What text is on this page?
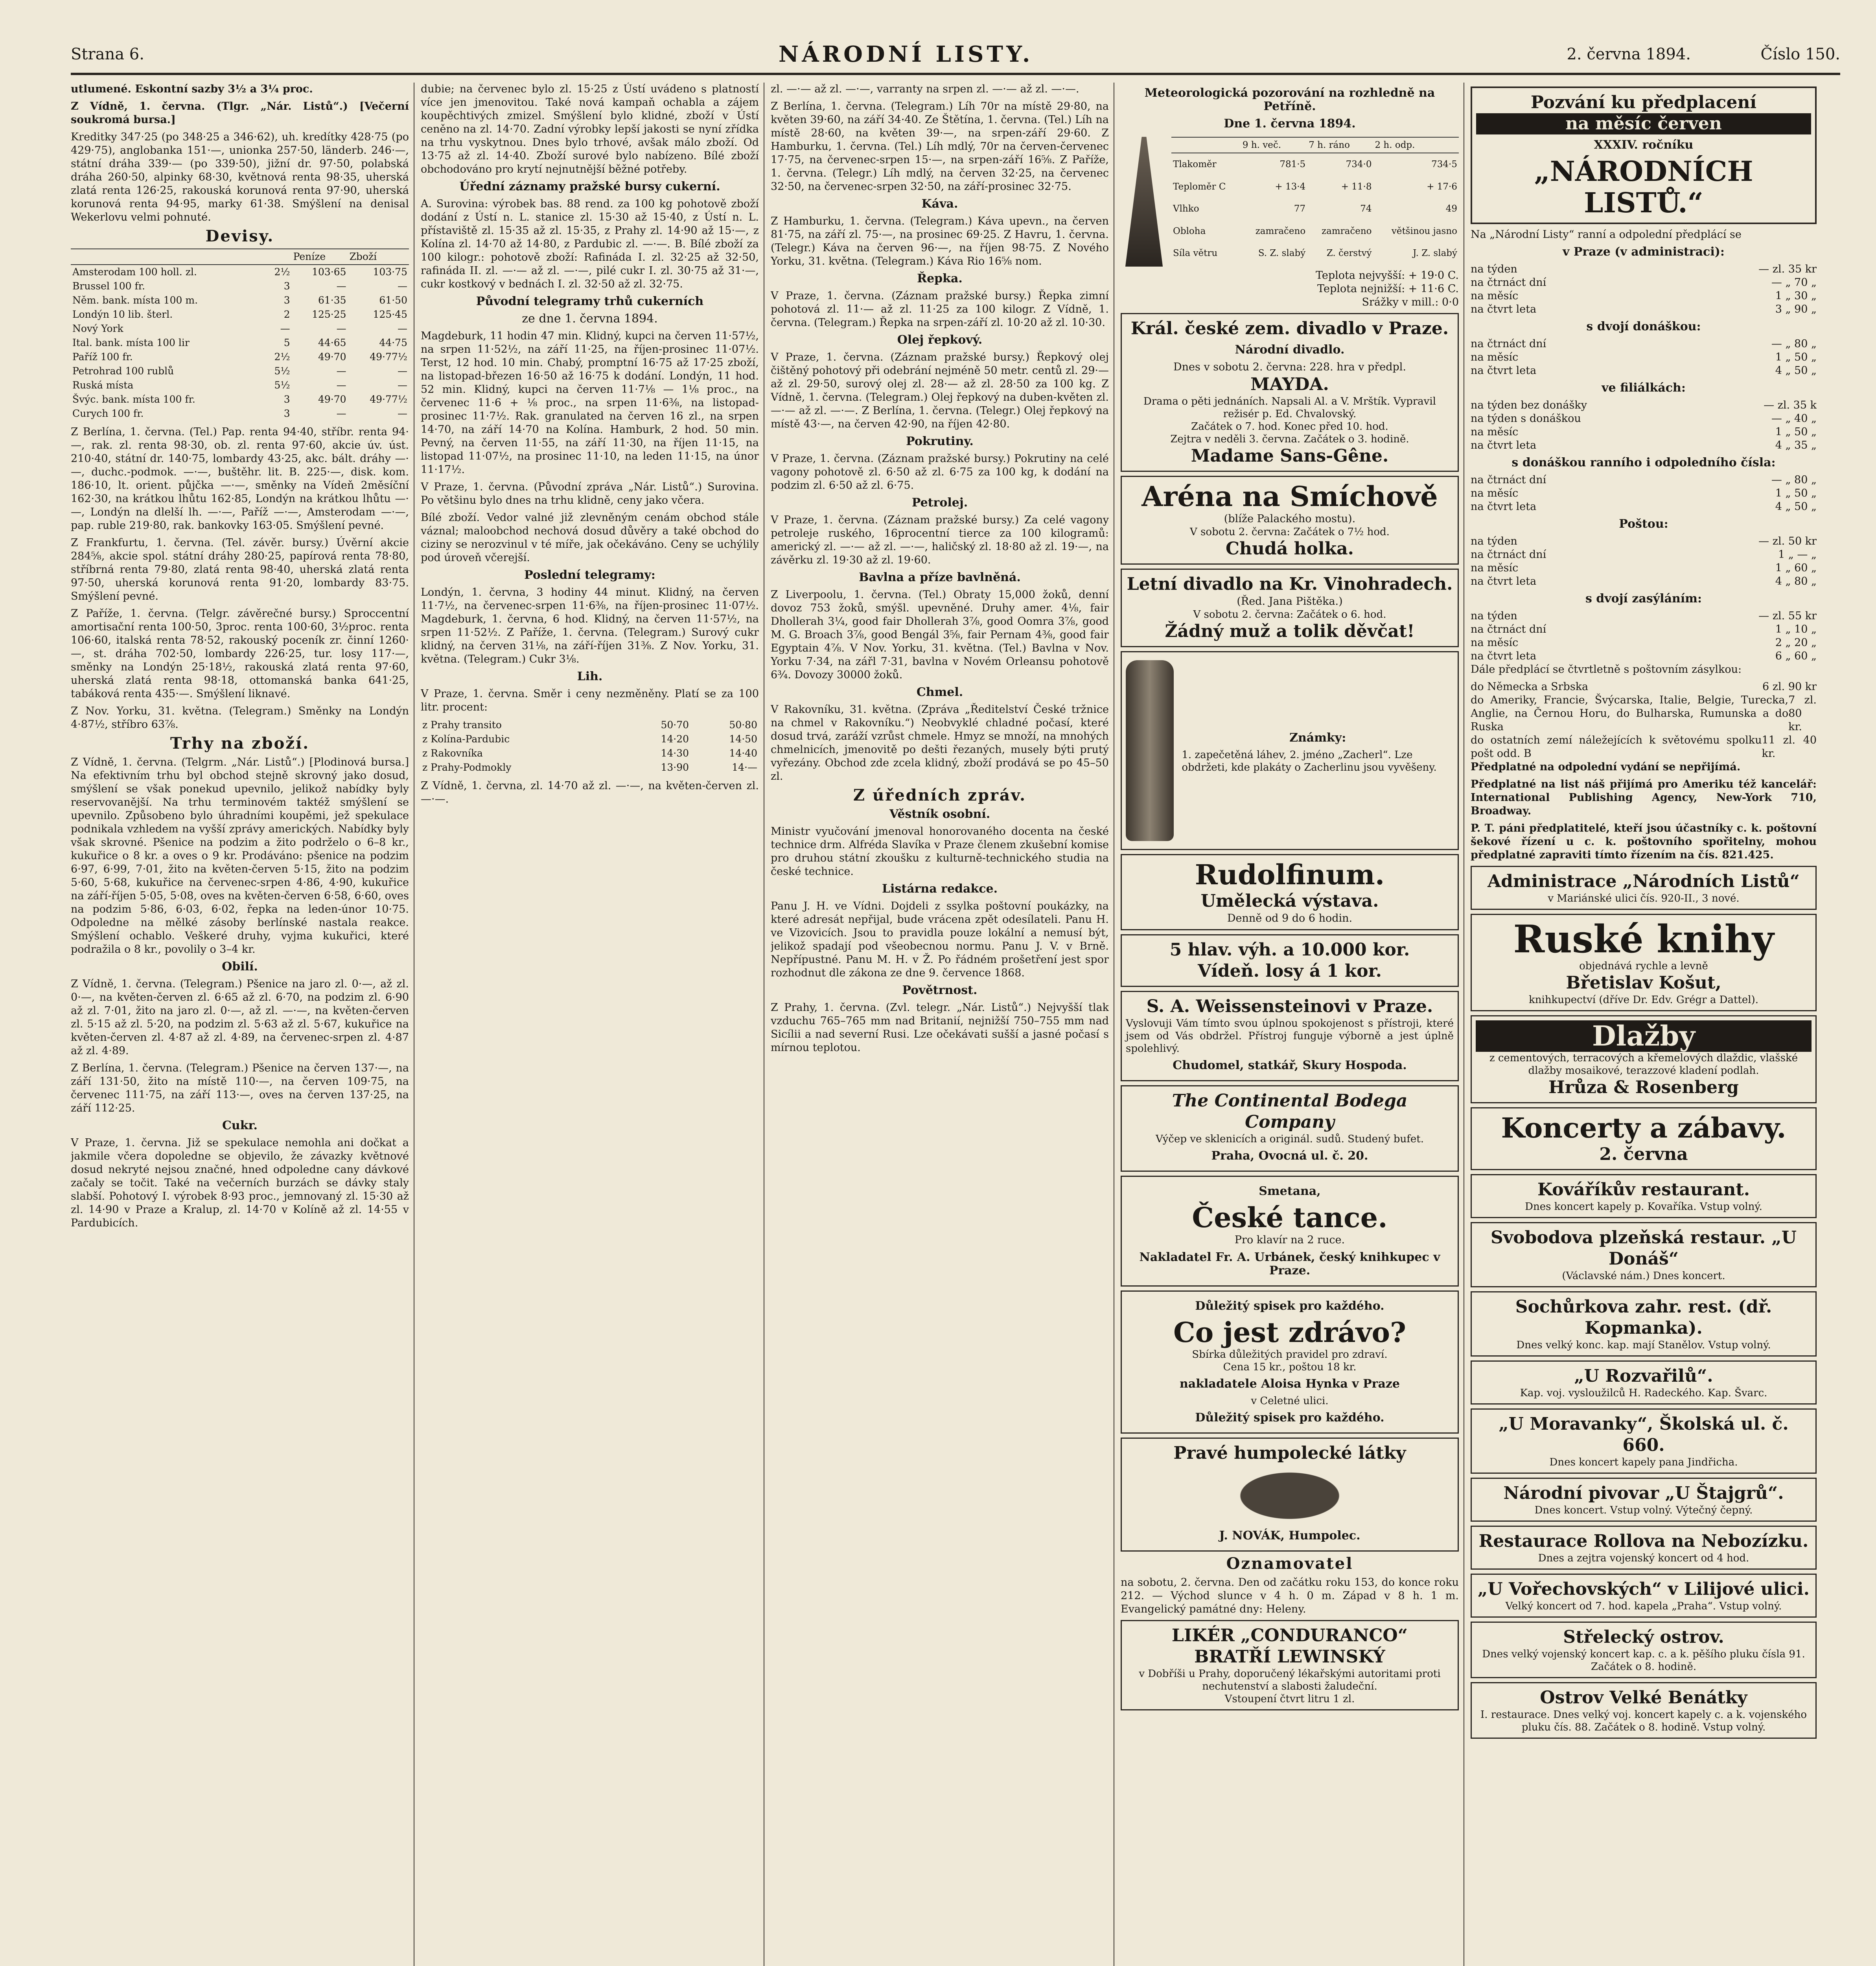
Strana 6.	NÁRODNÍ LISTY.	2. června 1894.	Číslo 150.

utlumené. Eskontní sazby 3½ a 3¼ proc.

Z Vídně, 1. června. (Tlgr. „Nár. Listů“.) [Večerní soukromá bursa.]

Kreditky 347·25 (po 348·25 a 346·62), uh. kredítky 428·75 (po 429·75), anglobanka 151·—, unionka 257·50, länderb. 246·—, státní dráha 339·— (po 339·50), jižní dr. 97·50, polabská dráha 260·50, alpinky 68·30, květnová renta 98·35, uherská zlatá renta 126·25, rakouská korunová renta 97·90, uherská korunová renta 94·95, marky 61·38. Smýšlení na denisal Wekerlovu velmi pohnuté.

Devisy.
		Peníze	Zboží
Amsterodam 100 holl. zl.	2½	103·65	103·75
Brussel 100 fr.	3	—	—
Něm. bank. místa 100 m.	3	61·35	61·50
Londýn 10 lib. šterl.	2	125·25	125·45
Nový York	—	—	—
Ital. bank. místa 100 lir	5	44·65	44·75
Paříž 100 fr.	2½	49·70	49·77½
Petrohrad 100 rublů	5½	—	—
Ruská místa	5½	—	—
Švýc. bank. místa 100 fr.	3	49·70	49·77½
Curych 100 fr.	3	—	—

Z Berlína, 1. června. (Tel.) Pap. renta 94·40, stříbr. renta 94·—, rak. zl. renta 98·30, ob. zl. renta 97·60, akcie úv. úst. 210·40, státní dr. 140·75, lombardy 43·25, akc. bált. dráhy —·—, duchc.-podmok. —·—, buštěhr. lit. B. 225·—, disk. kom. 186·10, lt. orient. půjčka —·—, směnky na Vídeň 2měsíční 162·30, na krátkou lhůtu 162·85, Londýn na krátkou lhůtu —·—, Londýn na dlelší lh. —·—, Paříž —·—, Amsterodam —·—, pap. ruble 219·80, rak. bankovky 163·05. Smýšlení pevné.

Z Frankfurtu, 1. června. (Tel. závěr. bursy.) Úvěrní akcie 284⅝, akcie spol. státní dráhy 280·25, papírová renta 78·80, stříbrná renta 79·80, zlatá renta 98·40, uherská zlatá renta 97·50, uherská korunová renta 91·20, lombardy 83·75. Smýšlení pevné.

Z Paříže, 1. června. (Telgr. závěrečné bursy.) Sproccentní amortisační renta 100·50, 3proc. renta 100·60, 3½proc. renta 106·60, italská renta 78·52, rakouský poceník zr. činní 1260·—, st. dráha 702·50, lombardy 226·25, tur. losy 117·—, směnky na Londýn 25·18½, rakouská zlatá renta 97·60, uherská zlatá renta 98·18, ottomanská banka 641·25, tabáková renta 435·—. Smýšlení liknavé.

Z Nov. Yorku, 31. května. (Telegram.) Směnky na Londýn 4·87½, stříbro 63⅞.

Trhy na zboží.

Z Vídně, 1. června. (Telgrm. „Nár. Listů“.) [Plodinová bursa.] Na efektivním trhu byl obchod stejně skrovný jako dosud, smýšlení se však ponekud upevnilo, jelikož nabídky byly reservovanější. Na trhu terminovém taktéž smýšlení se upevnilo. Způsobeno bylo úhradními koupěmi, jež spekulace podnikala vzhledem na vyšší zprávy amerických. Nabídky byly však skrovné. Pšenice na podzim a žito podrželo o 6–8 kr., kukuřice o 8 kr. a oves o 9 kr. Prodáváno: pšenice na podzim 6·97, 6·99, 7·01, žito na květen-červen 5·15, žito na podzim 5·60, 5·68, kukuřice na červenec-srpen 4·86, 4·90, kukuřice na září-říjen 5·05, 5·08, oves na květen-červen 6·58, 6·60, oves na podzim 5·86, 6·03, 6·02, řepka na leden-únor 10·75. Odpoledne na mělké zásoby berlínské nastala reakce. Smýšlení ochablo. Veškeré druhy, vyjma kukuřici, které podražila o 8 kr., povolily o 3–4 kr.

Obilí.

Z Vídně, 1. června. (Telegram.) Pšenice na jaro zl. 0·—, až zl. 0·—, na květen-červen zl. 6·65 až zl. 6·70, na podzim zl. 6·90 až zl. 7·01, žito na jaro zl. 0·—, až zl. —·—, na květen-červen zl. 5·15 až zl. 5·20, na podzim zl. 5·63 až zl. 5·67, kukuřice na květen-červen zl. 4·87 až zl. 4·89, na červenec-srpen zl. 4·87 až zl. 4·89.

Z Berlína, 1. června. (Telegram.) Pšenice na červen 137·—, na září 131·50, žito na místě 110·—, na červen 109·75, na červenec 111·75, na září 113·—, oves na červen 137·25, na září 112·25.

Cukr.

V Praze, 1. června. Již se spekulace nemohla ani dočkat a jakmile včera dopoledne se objevilo, že závazky květnové dosud nekryté nejsou značné, hned odpoledne cany dávkové začaly se točit. Také na večerních burzách se dávky staly slabší. Pohotový I. výrobek 8·93 proc., jemnovaný zl. 15·30 až zl. 14·90 v Praze a Kralup, zl. 14·70 v Kolíně až zl. 14·55 v Pardubicích.

dubie; na červenec bylo zl. 15·25 z Ústí uvádeno s platností více jen jmenovitou. Také nová kampaň ochabla a zájem koupěchtivých zmizel. Smýšlení bylo klidné, zboží v Ústí ceněno na zl. 14·70. Zadní výrobky lepší jakosti se nyní zřídka na trhu vyskytnou. Dnes bylo trhové, avšak málo zboží. Od 13·75 až zl. 14·40. Zboží surové bylo nabízeno. Bílé zboží obchodováno pro krytí nejnutnější běžné potřeby.

Úřední záznamy pražské bursy cukerní.

A. Surovina: výrobek bas. 88 rend. za 100 kg pohotově zboží dodání z Ústí n. L. stanice zl. 15·30 až 15·40, z Ústí n. L. přístaviště zl. 15·35 až zl. 15·35, z Prahy zl. 14·90 až 15·—, z Kolína zl. 14·70 až 14·80, z Pardubic zl. —·—. B. Bílé zboží za 100 kilogr.: pohotově zboží: Rafináda I. zl. 32·25 až 32·50, rafináda II. zl. —·— až zl. —·—, pilé cukr I. zl. 30·75 až 31·—, cukr kostkový v bednách I. zl. 32·50 až zl. 32·75.

Původní telegramy trhů cukerních
ze dne 1. června 1894.

Magdeburk, 11 hodin 47 min. Klidný, kupci na červen 11·57½, na srpen 11·52½, na září 11·25, na říjen-prosinec 11·07½. Terst, 12 hod. 10 min. Chabý, promptní 16·75 až 17·25 zboží, na listopad-březen 16·50 až 16·75 k dodání. Londýn, 11 hod. 52 min. Klidný, kupci na červen 11·7⅛ — 1⅛ proc., na červenec 11·6 + ⅛ proc., na srpen 11·6⅜, na listopad-prosinec 11·7½. Rak. granulated na červen 16 zl., na srpen 14·70, na září 14·70 na Kolína. Hamburk, 2 hod. 50 min. Pevný, na červen 11·55, na září 11·30, na říjen 11·15, na listopad 11·07½, na prosinec 11·10, na leden 11·15, na únor 11·17½.

V Praze, 1. června. (Původní zpráva „Nár. Listů“.) Surovina. Po většinu bylo dnes na trhu klidně, ceny jako včera.

Bílé zboží. Vedor valné již zlevněným cenám obchod stále váznal; maloobchod nechová dosud důvěry a také obchod do ciziny se nerozvinul v té míře, jak očekáváno. Ceny se uchýlily pod úroveň včerejší.

Poslední telegramy:

Londýn, 1. června, 3 hodiny 44 minut. Klidný, na červen 11·7½, na červenec-srpen 11·6⅜, na říjen-prosinec 11·07½. Magdeburk, 1. června, 6 hod. Klidný, na červen 11·57½, na srpen 11·52½. Z Paříže, 1. června. (Telegram.) Surový cukr klidný, na červen 31⅛, na září-říjen 31⅜. Z Nov. Yorku, 31. května. (Telegram.) Cukr 3⅛.

Lih.

V Praze, 1. června. Směr i ceny nezměněny. Platí se za 100 litr. procent:

z Prahy transito	50·70	50·80
z Kolína-Pardubic	14·20	14·50
z Rakovníka	14·30	14·40
z Prahy-Podmokly	13·90	14·—

Z Vídně, 1. června, zl. 14·70 až zl. —·—, na květen-červen zl. —·—.

zl. —·— až zl. —·—, varranty na srpen zl. —·— až zl. —·—.

Z Berlína, 1. června. (Telegram.) Líh 70r na místě 29·80, na květen 39·60, na září 34·40. Ze Štětína, 1. června. (Tel.) Líh na místě 28·60, na květen 39·—, na srpen-září 29·60. Z Hamburku, 1. června. (Tel.) Líh mdlý, 70r na červen-červenec 17·75, na červenec-srpen 15·—, na srpen-září 16⅝. Z Paříže, 1. června. (Telegr.) Líh mdlý, na červen 32·25, na červenec 32·50, na červenec-srpen 32·50, na září-prosinec 32·75.

Káva.

Z Hamburku, 1. června. (Telegram.) Káva upevn., na červen 81·75, na září zl. 75·—, na prosinec 69·25. Z Havru, 1. června. (Telegr.) Káva na červen 96·—, na říjen 98·75. Z Nového Yorku, 31. května. (Telegram.) Káva Rio 16⅝ nom.

Řepka.

V Praze, 1. června. (Záznam pražské bursy.) Řepka zimní pohotová zl. 11·— až zl. 11·25 za 100 kilogr. Z Vídně, 1. června. (Telegram.) Řepka na srpen-září zl. 10·20 až zl. 10·30.

Olej řepkový.

V Praze, 1. června. (Záznam pražské bursy.) Řepkový olej čištěný pohotový při odebrání nejméně 50 metr. centů zl. 29·— až zl. 29·50, surový olej zl. 28·— až zl. 28·50 za 100 kg. Z Vídně, 1. června. (Telegram.) Olej řepkový na duben-květen zl. —·— až zl. —·—. Z Berlína, 1. června. (Telegr.) Olej řepkový na místě 43·—, na červen 42·90, na říjen 42·80.

Pokrutiny.

V Praze, 1. června. (Záznam pražské bursy.) Pokrutiny na celé vagony pohotově zl. 6·50 až zl. 6·75 za 100 kg, k dodání na podzim zl. 6·50 až zl. 6·75.

Petrolej.

V Praze, 1. června. (Záznam pražské bursy.) Za celé vagony petroleje ruského, 16procentní tierce za 100 kilogramů: americký zl. —·— až zl. —·—, haličský zl. 18·80 až zl. 19·—, na závěrku zl. 19·30 až zl. 19·60.

Bavlna a příze bavlněná.

Z Liverpoolu, 1. června. (Tel.) Obraty 15,000 žoků, denní dovoz 753 žoků, smýšl. upevněné. Druhy amer. 4⅛, fair Dhollerah 3¼, good fair Dhollerah 3⅞, good Oomra 3⅞, good M. G. Broach 3⅞, good Bengál 3⅝, fair Pernam 4⅜, good fair Egyptain 4⅞. V Nov. Yorku, 31. května. (Tel.) Bavlna v Nov. Yorku 7·34, na zářl 7·31, bavlna v Novém Orleansu pohotově 6¾. Dovozy 30000 žoků.

Chmel.

V Rakovníku, 31. května. (Zpráva „Ředitelství České tržnice na chmel v Rakovníku.“) Neobvyklé chladné počasí, které dosud trvá, zaráží vzrůst chmele. Hmyz se množí, na mnohých chmelnicích, jmenovitě po dešti řezaných, musely býti prutý vyřezány. Obchod zde zcela klidný, zboží prodává se po 45–50 zl.

Z úředních zpráv.
Věstník osobní.

Ministr vyučování jmenoval honorovaného docenta na české technice drm. Alfréda Slavíka v Praze členem zkušební komise pro druhou státní zkoušku z kulturně-technického studia na české technice.

Listárna redakce.

Panu J. H. ve Vídni. Dojdeli z ssylka poštovní poukázky, na které adresát nepřijal, bude vrácena zpět odesílateli. Panu H. ve Vizovicích. Jsou to pravidla pouze lokální a nemusí být, jelikož spadají pod všeobecnou normu. Panu J. V. v Brně. Nepřípustné. Panu M. H. v Ž. Po řádném prošetření jest spor rozhodnut dle zákona ze dne 9. července 1868.

Povětrnost.

Z Prahy, 1. června. (Zvl. telegr. „Nár. Listů“.) Nejvyšší tlak vzduchu 765–765 mm nad Britanií, nejnižší 750–755 mm nad Sicílii a nad severní Rusi. Lze očekávati sušší a jasné počasí s mírnou teplotou.

Meteorologická pozorování na rozhledně na Petříně.
Dne 1. června 1894.
	9 h. več.	7 h. ráno	2 h. odp.
Tlakoměr	781·5	734·0	734·5
Teploměr C	+ 13·4	+ 11·8	+ 17·6
Vlhko	77	74	49
Obloha	zamračeno	zamračeno	většinou jasno
Síla větru	S. Z. slabý	Z. čerstvý	J. Z. slabý
Teplota nejvyšší: + 19·0 C.
Teplota nejnižší: + 11·6 C.
Srážky v mill.: 0·0
Král. české zem. divadlo v Praze.
Národní divadlo.
Dnes v sobotu 2. června: 228. hra v předpl.
MAYDA.
Drama o pěti jednáních. Napsali Al. a V. Mrštík. Vypravil režisér p. Ed. Chvalovský.
Začátek o 7. hod. Konec před 10. hod.
Zejtra v neděli 3. června. Začátek o 3. hodině.
Madame Sans-Gêne.
Aréna na Smíchově
(blíže Palackého mostu).
V sobotu 2. června: Začátek o 7½ hod.
Chudá holka.
Letní divadlo na Kr. Vinohradech.
(Řed. Jana Pištěka.)
V sobotu 2. června: Začátek o 6. hod.
Žádný muž a tolik děvčat!
Známky:
1. zapečetěná láhev, 2. jméno „Zacherl“. Lze obdržeti, kde plakáty o Zacherlinu jsou vyvěšeny.
Rudolfinum.
Umělecká výstava.
Denně od 9 do 6 hodin.
5 hlav. výh. a 10.000 kor.
Vídeň. losy á 1 kor.
S. A. Weissensteinovi v Praze.
Vyslovuji Vám tímto svou úplnou spokojenost s přístroji, které jsem od Vás obdržel. Přístroj funguje výborně a jest úplně spolehlivý.
Chudomel, statkář, Skury Hospoda.
The Continental Bodega Company
Výčep ve sklenicích a originál. sudů. Studený bufet.
Praha, Ovocná ul. č. 20.
Smetana,
České tance.
Pro klavír na 2 ruce.
Nakladatel Fr. A. Urbánek, český knihkupec v Praze.
Důležitý spisek pro každého.
Co jest zdrávo?
Sbírka důležitých pravidel pro zdraví.
Cena 15 kr., poštou 18 kr.
nakladatele Aloisa Hynka v Praze
v Celetné ulici.
Důležitý spisek pro každého.
Pravé humpolecké látky
J. NOVÁK, Humpolec.
Oznamovatel

na sobotu, 2. června. Den od začátku roku 153, do konce roku 212. — Východ slunce v 4 h. 0 m. Západ v 8 h. 1 m. Evangelický památné dny: Heleny.

LIKÉR „CONDURANCO“
BRATŘÍ LEWINSKÝ
v Dobříši u Prahy, doporučený lékařskými autoritami proti nechutenství a slabosti žaludeční.
Vstoupení čtvrt litru 1 zl.
Pozvání ku předplacení
na měsíc červen
XXXIV. ročníku
„NÁRODNÍCH LISTŮ.“

Na „Národní Listy“ ranní a odpolední předplácí se

v Praze (v administraci):
na týden	— zl. 35 kr
na čtrnáct dní	— „ 70 „
na měsíc	1 „ 30 „
na čtvrt leta	3 „ 90 „
s dvojí donáškou:
na čtrnáct dní	— „ 80 „
na měsíc	1 „ 50 „
na čtvrt leta	4 „ 50 „
ve filiálkách:
na týden bez donášky	— zl. 35 k
na týden s donáškou	— „ 40 „
na měsíc	1 „ 50 „
na čtvrt leta	4 „ 35 „
s donáškou ranního i odpoledního čísla:
na čtrnáct dní	— „ 80 „
na měsíc	1 „ 50 „
na čtvrt leta	4 „ 50 „
Poštou:
na týden	— zl. 50 kr
na čtrnáct dní	1 „ — „
na měsíc	1 „ 60 „
na čtvrt leta	4 „ 80 „
s dvojí zasýláním:
na týden	— zl. 55 kr
na čtrnáct dní	1 „ 10 „
na měsíc	2 „ 20 „
na čtvrt leta	6 „ 60 „

Dále předplácí se čtvrtletně s poštovním zásylkou:

do Německa a Srbska	6 zl. 90 kr
do Ameriky, Francie, Švýcarska, Italie, Belgie, Turecka, Anglie, na Černou Horu, do Bulharska, Rumunska a do Ruska
7 zl. 80 kr.
do ostatních zemí náležejících k světovému spolku pošt odd. B
11 zl. 40 kr.

Předplatné na odpolední vydání se nepřijímá.

Předplatné na list náš přijímá pro Ameriku též kancelář: International Publishing Agency, New-York 710, Broadway.

P. T. páni předplatitelé, kteří jsou účastníky c. k. poštovní šekové řízení u c. k. poštovního spořitelny, mohou předplatné zapraviti tímto řízením na čís. 821.425.

Administrace „Národních Listů“
v Mariánské ulici čís. 920-II., 3 nové.
Ruské knihy
objednává rychle a levně
Břetislav Košut,
knihkupectví (dříve Dr. Edv. Grégr a Dattel).
Dlažby
z cementových, terracových a křemelových dlaždic, vlašské dlažby mosaikové, terazzové kladení podlah.
Hrůza & Rosenberg
Koncerty a zábavy.
2. června
Kováříkův restaurant.
Dnes koncert kapely p. Kovaříka. Vstup volný.
Svobodova plzeňská restaur. „U Donáš“
(Václavské nám.) Dnes koncert.
Sochůrkova zahr. rest. (dř. Kopmanka).
Dnes velký konc. kap. mají Stanělov. Vstup volný.
„U Rozvařilů“.
Kap. voj. vysloužilců H. Radeckého. Kap. Švarc.
„U Moravanky“, Školská ul. č. 660.
Dnes koncert kapely pana Jindřicha.
Národní pivovar „U Štajgrů“.
Dnes koncert. Vstup volný. Výtečný čepný.
Restaurace Rollova na Nebozízku.
Dnes a zejtra vojenský koncert od 4 hod.
„U Vořechovských“ v Lilijové ulici.
Velký koncert od 7. hod. kapela „Praha“. Vstup volný.
Střelecký ostrov.
Dnes velký vojenský koncert kap. c. a k. pěšího pluku čísla 91. Začátek o 8. hodině.
Ostrov Velké Benátky
I. restaurace. Dnes velký voj. koncert kapely c. a k. vojenského pluku čís. 88. Začátek o 8. hodině. Vstup volný.
